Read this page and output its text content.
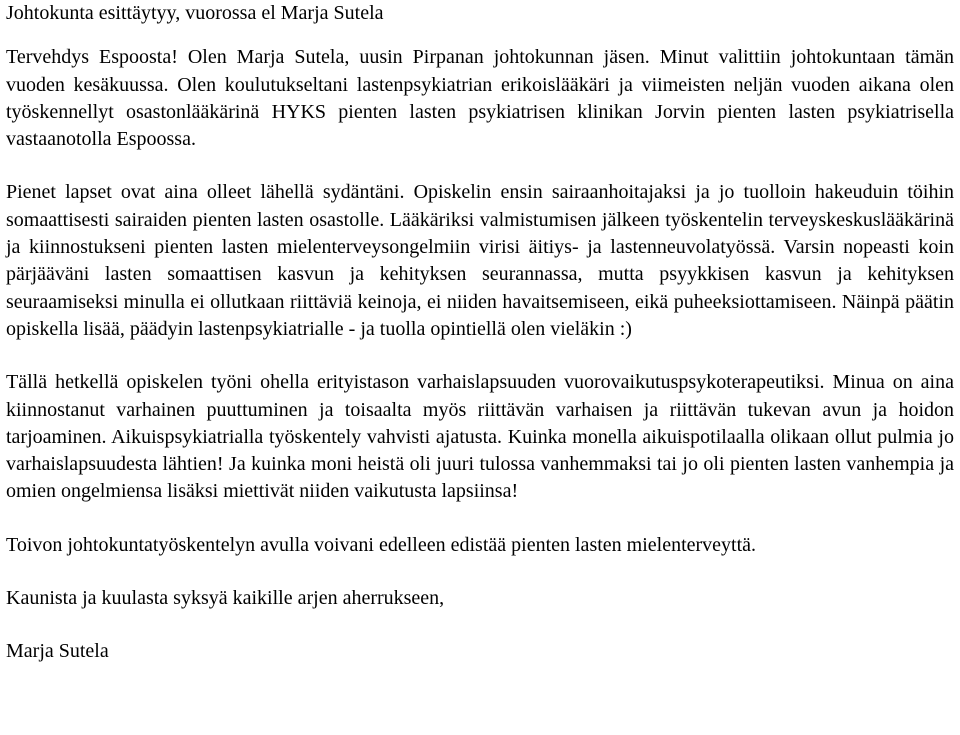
Johtokunta esittäytyy, vuorossa el Marja Sutela

Tervehdys Espoosta! Olen Marja Sutela, uusin Pirpanan johtokunnan jäsen. Minut valittiin johtokuntaan tämän vuoden kesäkuussa. Olen koulutukseltani lastenpsykiatrian erikoislääkäri ja viimeisten neljän vuoden aikana olen työskennellyt osastonlääkärinä HYKS pienten lasten psykiatrisen klinikan Jorvin pienten lasten psykiatrisella vastaanotolla Espoossa.

Pienet lapset ovat aina olleet lähellä sydäntäni. Opiskelin ensin sairaanhoitajaksi ja jo tuolloin hakeuduin töihin somaattisesti sairaiden pienten lasten osastolle. Lääkäriksi valmistumisen jälkeen työskentelin terveyskeskuslääkärinä ja kiinnostukseni pienten lasten mielenterveysongelmiin virisi äitiys- ja lastenneuvolatyössä. Varsin nopeasti koin pärjääväni lasten somaattisen kasvun ja kehityksen seurannassa, mutta psyykkisen kasvun ja kehityksen seuraamiseksi minulla ei ollutkaan riittäviä keinoja, ei niiden havaitsemiseen, eikä puheeksiottamiseen. Näinpä päätin opiskella lisää, päädyin lastenpsykiatrialle - ja tuolla opintiellä olen vieläkin :)

Tällä hetkellä opiskelen työni ohella erityistason varhaislapsuuden vuorovaikutuspsykoterapeutiksi. Minua on aina kiinnostanut varhainen puuttuminen ja toisaalta myös riittävän varhaisen ja riittävän tukevan avun ja hoidon tarjoaminen. Aikuispsykiatrialla työskentely vahvisti ajatusta. Kuinka monella aikuispotilaalla olikaan ollut pulmia jo varhaislapsuudesta lähtien! Ja kuinka moni heistä oli juuri tulossa vanhemmaksi tai jo oli pienten lasten vanhempia ja omien ongelmiensa lisäksi miettivät niiden vaikutusta lapsiinsa!

Toivon johtokuntatyöskentelyn avulla voivani edelleen edistää pienten lasten mielenterveyttä.

Kaunista ja kuulasta syksyä kaikille arjen aherrukseen,

Marja Sutela
